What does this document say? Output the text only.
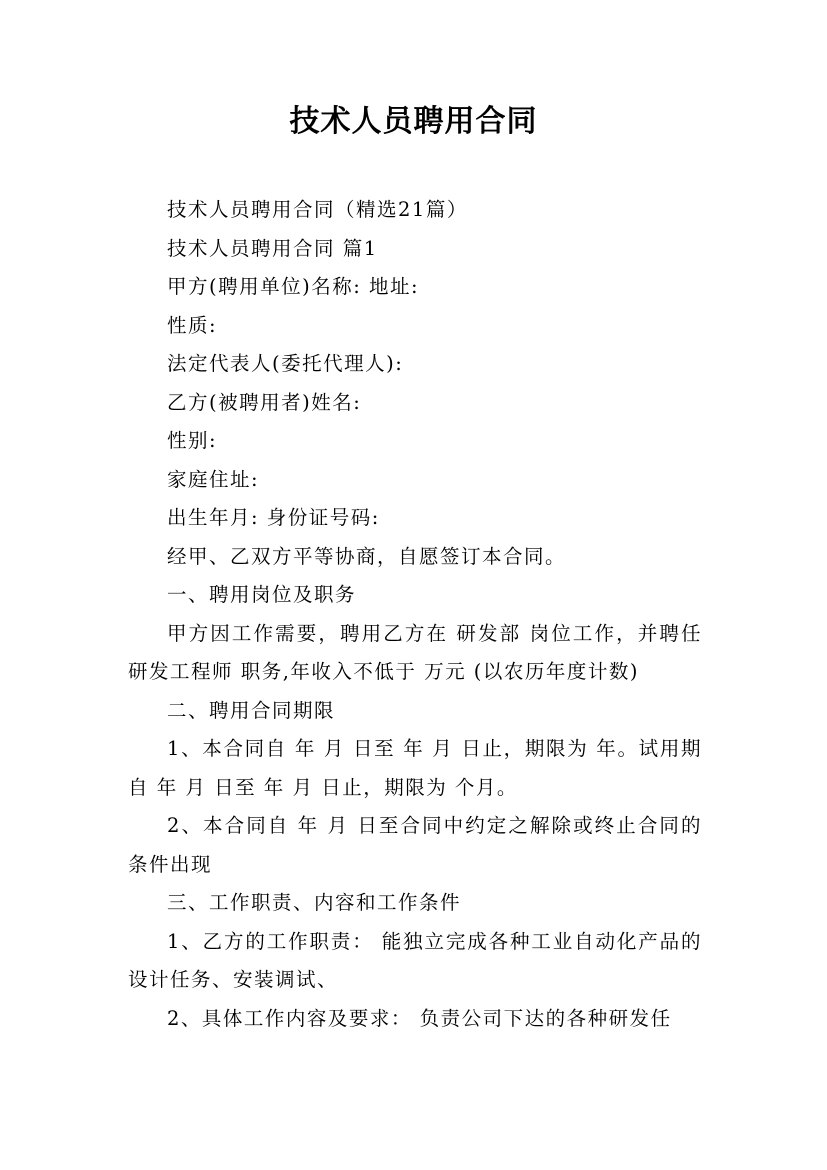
技术人员聘用合同

技术人员聘用合同（精选21篇）

技术人员聘用合同 篇1

甲方(聘用单位)名称: 地址:

性质:

法定代表人(委托代理人):

乙方(被聘用者)姓名:

性别:

家庭住址:

出生年月: 身份证号码:

经甲、乙双方平等协商，自愿签订本合同。

一、聘用岗位及职务

甲方因工作需要，聘用乙方在 研发部 岗位工作，并聘任研发工程师 职务,年收入不低于 万元 (以农历年度计数)

二、聘用合同期限

1、本合同自 年 月 日至 年 月 日止，期限为 年。试用期自 年 月 日至 年 月 日止，期限为 个月。

2、本合同自 年 月 日至合同中约定之解除或终止合同的条件出现

三、工作职责、内容和工作条件

1、乙方的工作职责： 能独立完成各种工业自动化产品的设计任务、安装调试、

2、具体工作内容及要求： 负责公司下达的各种研发任
